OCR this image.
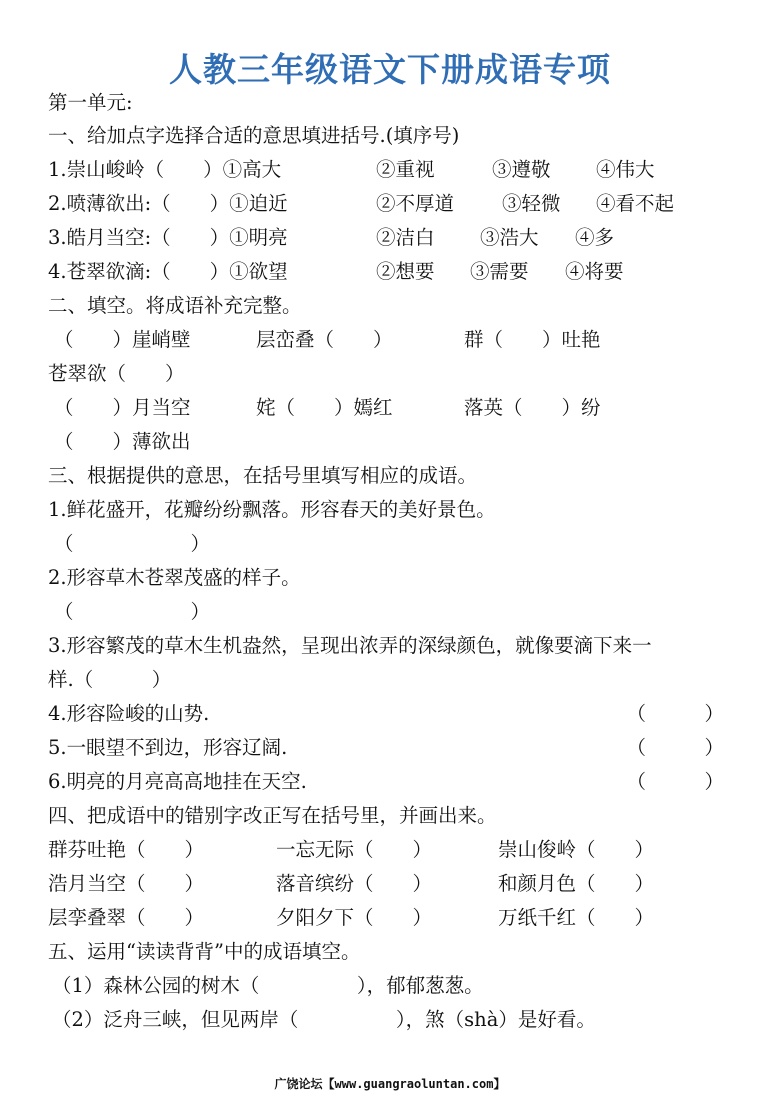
人教三年级语文下册成语专项
第一单元:
一、给加点字选择合适的意思填进括号.(填序号)
1.崇山峻岭（　　）①高大	②重视	③遵敬 ④伟大
2.喷薄欲出:（　　）①迫近	②不厚道 ③轻微 ④看不起
3.皓月当空:（　　）①明亮	②洁白 ③浩大 ④多
4.苍翠欲滴:（　　）①欲望	②想要 ③需要 ④将要
二、填空。将成语补充完整。
（　　）崖峭壁	层峦叠（　　）	群（　　）吐艳
苍翠欲（　　）
（　　）月当空	姹（　　）嫣红	落英（　　）纷
（　　）薄欲出
三、根据提供的意思，在括号里填写相应的成语。
1.鲜花盛开，花瓣纷纷飘落。形容春天的美好景色。
（　　　　　　）
2.形容草木苍翠茂盛的样子。
（　　　　　　）
3.形容繁茂的草木生机盎然，呈现出浓弄的深绿颜色，就像要滴下来一
样.（　　　）
4.形容险峻的山势.	（　　　）
5.一眼望不到边，形容辽阔.	（　　　）
6.明亮的月亮高高地挂在天空.	（　　　）
四、把成语中的错别字改正写在括号里，并画出来。
群芬吐艳（　　）	一忘无际（　　）	崇山俊岭（　　）
浩月当空（　　）	落音缤纷（　　）	和颜月色（　　）
层孪叠翠（　　）	夕阳夕下（　　）	万纸千红（　　）
五、运用“读读背背”中的成语填空。
（1）森林公园的树木（　　　　　），郁郁葱葱。
（2）泛舟三峡，但见两岸（　　　　　），煞（shà）是好看。
广饶论坛【www.guangraoluntan.com】
